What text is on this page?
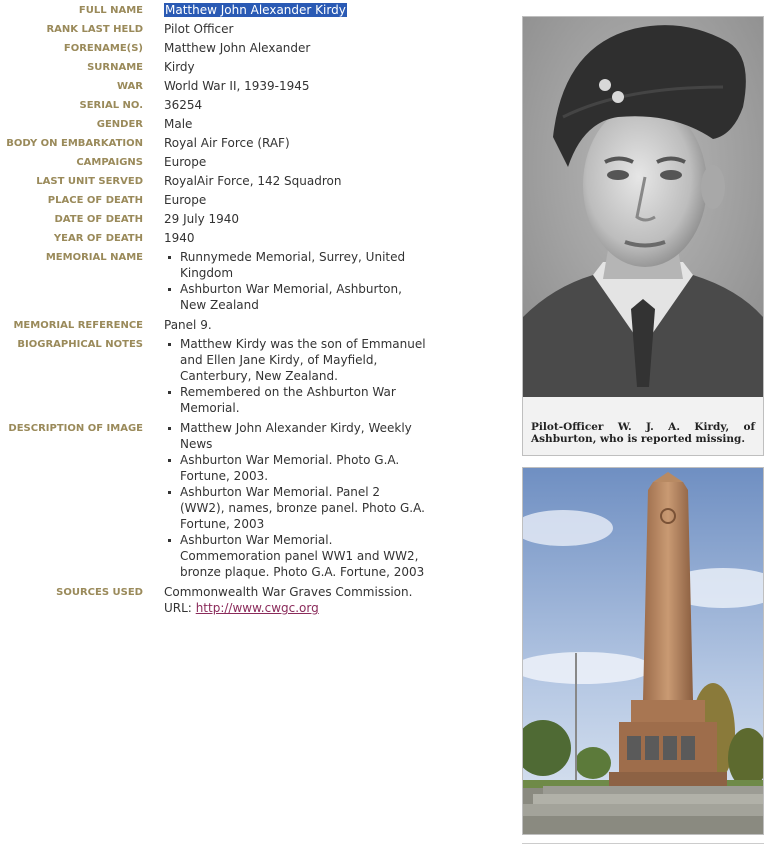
FULL NAME Matthew John Alexander Kirdy
RANK LAST HELD Pilot Officer
FORENAME(S) Matthew John Alexander
SURNAME Kirdy
WAR World War II, 1939-1945
SERIAL NO. 36254
GENDER Male
BODY ON EMBARKATION Royal Air Force (RAF)
CAMPAIGNS Europe
LAST UNIT SERVED RoyalAir Force, 142 Squadron
PLACE OF DEATH Europe
DATE OF DEATH 29 July 1940
YEAR OF DEATH 1940
MEMORIAL NAME	Runnymede Memorial, Surrey, United Kingdom
Ashburton War Memorial, Ashburton, New Zealand
MEMORIAL REFERENCE Panel 9.
BIOGRAPHICAL NOTES	Matthew Kirdy was the son of Emmanuel and Ellen Jane Kirdy, of Mayfield, Canterbury, New Zealand.
Remembered on the Ashburton War Memorial.
DESCRIPTION OF IMAGE	Matthew John Alexander Kirdy, Weekly News
Ashburton War Memorial. Photo G.A. Fortune, 2003.
Ashburton War Memorial. Panel 2 (WW2), names, bronze panel. Photo G.A. Fortune, 2003
Ashburton War Memorial. Commemoration panel WW1 and WW2, bronze plaque. Photo G.A. Fortune, 2003
SOURCES USED Commonwealth War Graves Commission. URL: http://www.cwgc.org
Pilot-Officer W. J. A. Kirdy, of Ashburton, who is reported missing.
